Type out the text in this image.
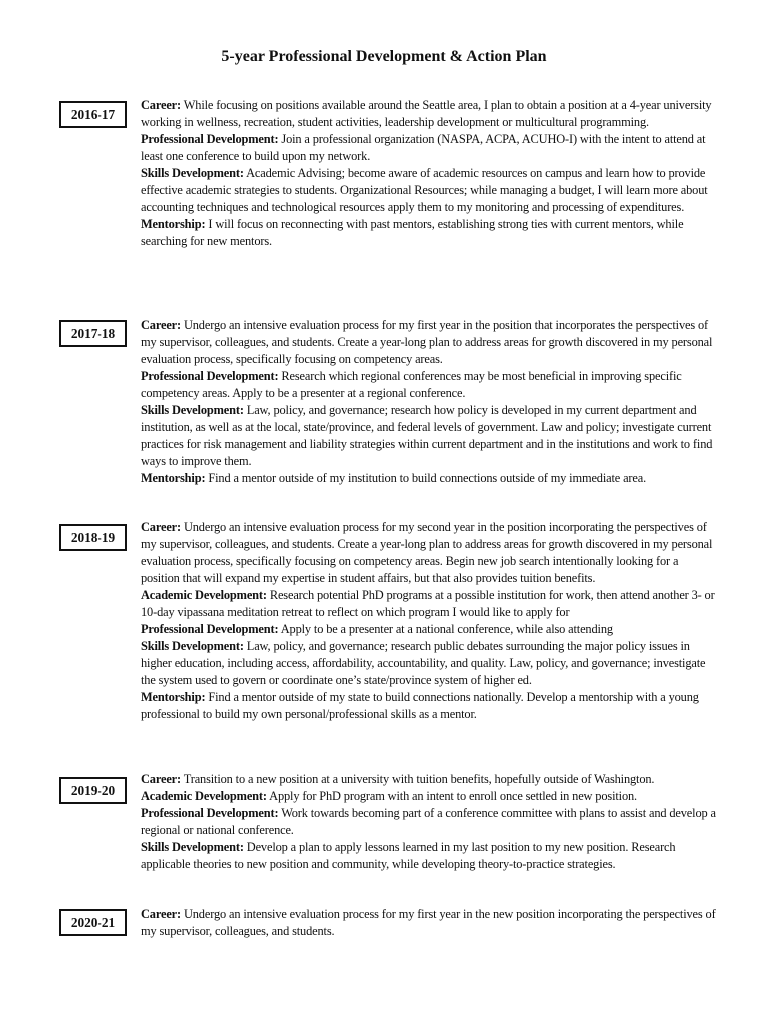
5-year Professional Development & Action Plan
2016-17

Career: While focusing on positions available around the Seattle area, I plan to obtain a position at a 4-year university working in wellness, recreation, student activities, leadership development or multicultural programming.

Professional Development: Join a professional organization (NASPA, ACPA, ACUHO-I) with the intent to attend at least one conference to build upon my network.

Skills Development: Academic Advising; become aware of academic resources on campus and learn how to provide effective academic strategies to students. Organizational Resources; while managing a budget, I will learn more about accounting techniques and technological resources apply them to my monitoring and processing of expenditures.

Mentorship: I will focus on reconnecting with past mentors, establishing strong ties with current mentors, while searching for new mentors.

2017-18

Career: Undergo an intensive evaluation process for my first year in the position that incorporates the perspectives of my supervisor, colleagues, and students. Create a year-long plan to address areas for growth discovered in my personal evaluation process, specifically focusing on competency areas.

Professional Development: Research which regional conferences may be most beneficial in improving specific competency areas. Apply to be a presenter at a regional conference.

Skills Development: Law, policy, and governance; research how policy is developed in my current department and institution, as well as at the local, state/province, and federal levels of government. Law and policy; investigate current practices for risk management and liability strategies within current department and in the institutions and work to find ways to improve them.

Mentorship: Find a mentor outside of my institution to build connections outside of my immediate area.

2018-19

Career: Undergo an intensive evaluation process for my second year in the position incorporating the perspectives of my supervisor, colleagues, and students. Create a year-long plan to address areas for growth discovered in my personal evaluation process, specifically focusing on competency areas. Begin new job search intentionally looking for a position that will expand my expertise in student affairs, but that also provides tuition benefits.

Academic Development: Research potential PhD programs at a possible institution for work, then attend another 3- or 10-day vipassana meditation retreat to reflect on which program I would like to apply for

Professional Development: Apply to be a presenter at a national conference, while also attending

Skills Development: Law, policy, and governance; research public debates surrounding the major policy issues in higher education, including access, affordability, accountability, and quality. Law, policy, and governance; investigate the system used to govern or coordinate one’s state/province system of higher ed.

Mentorship: Find a mentor outside of my state to build connections nationally. Develop a mentorship with a young professional to build my own personal/professional skills as a mentor.

2019-20

Career: Transition to a new position at a university with tuition benefits, hopefully outside of Washington.

Academic Development: Apply for PhD program with an intent to enroll once settled in new position.

Professional Development: Work towards becoming part of a conference committee with plans to assist and develop a regional or national conference.

Skills Development: Develop a plan to apply lessons learned in my last position to my new position. Research applicable theories to new position and community, while developing theory-to-practice strategies.

2020-21

Career: Undergo an intensive evaluation process for my first year in the new position incorporating the perspectives of my supervisor, colleagues, and students.
